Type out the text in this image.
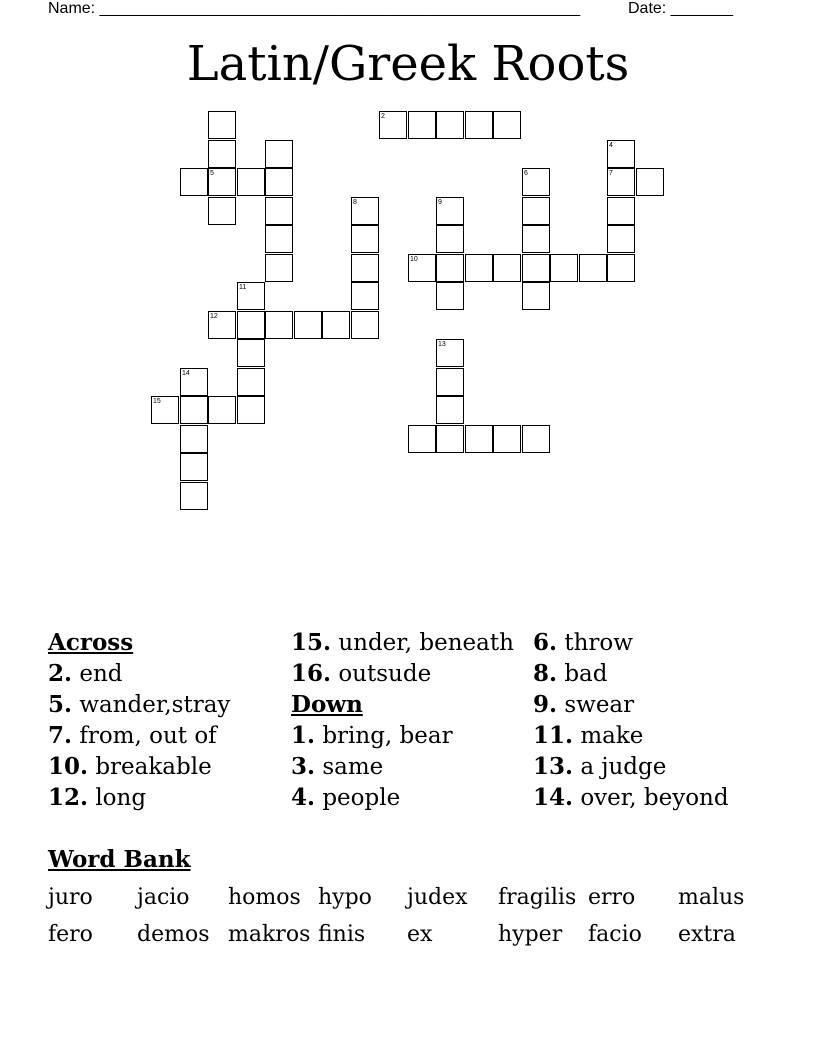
Name: ______________________________________________________	Date: _______
Latin/Greek Roots
2
4
5	6	7
8	9
10
11
12
13
14
15
Across
2. end
5. wander,stray
7. from, out of
10. breakable
12. long
15. under, beneath
16. outsude
Down
1. bring, bear
3. same
4. people
6. throw
8. bad
9. swear
11. make
13. a judge
14. over, beyond
Word Bank
juro jacio homos hypo judex fragilis erro malus
fero demos makros finis ex	hyper facio extra
